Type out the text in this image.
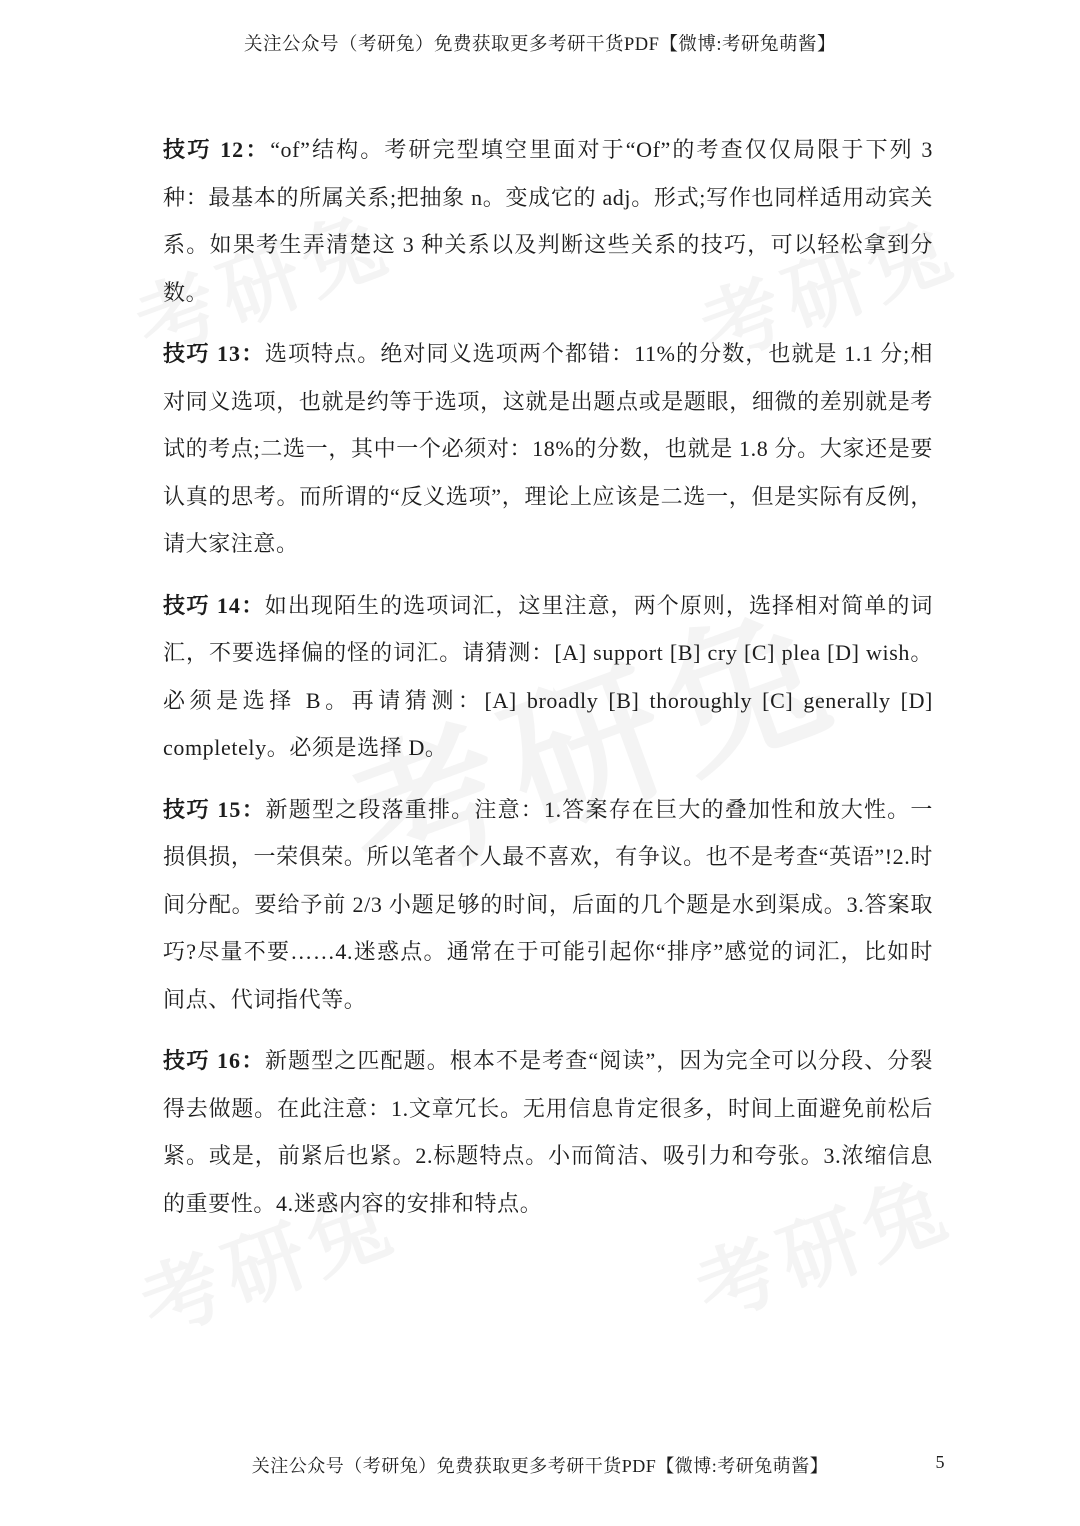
关注公众号（考研兔）免费获取更多考研干货PDF【微博:考研兔萌酱】

技巧 12：“of”结构。考研完型填空里面对于“Of”的考查仅仅局限于下列 3 种：最基本的所属关系;把抽象 n。变成它的 adj。形式;写作也同样适用动宾关系。如果考生弄清楚这 3 种关系以及判断这些关系的技巧，可以轻松拿到分数。

技巧 13：选项特点。绝对同义选项两个都错：11%的分数，也就是 1.1 分;相对同义选项，也就是约等于选项，这就是出题点或是题眼，细微的差别就是考试的考点;二选一，其中一个必须对：18%的分数，也就是 1.8 分。大家还是要认真的思考。而所谓的“反义选项”，理论上应该是二选一，但是实际有反例，请大家注意。

技巧 14：如出现陌生的选项词汇，这里注意，两个原则，选择相对简单的词汇，不要选择偏的怪的词汇。请猜测：[A] support [B] cry [C] plea [D] wish。必须是选择 B。再请猜测：[A] broadly [B] thoroughly [C] generally [D] completely。必须是选择 D。

技巧 15：新题型之段落重排。注意：1.答案存在巨大的叠加性和放大性。一损俱损，一荣俱荣。所以笔者个人最不喜欢，有争议。也不是考查“英语”!2.时间分配。要给予前 2/3 小题足够的时间，后面的几个题是水到渠成。3.答案取巧?尽量不要……4.迷惑点。通常在于可能引起你“排序”感觉的词汇，比如时间点、代词指代等。

技巧 16：新题型之匹配题。根本不是考查“阅读”，因为完全可以分段、分裂得去做题。在此注意：1.文章冗长。无用信息肯定很多，时间上面避免前松后紧。或是，前紧后也紧。2.标题特点。小而简洁、吸引力和夸张。3.浓缩信息的重要性。4.迷惑内容的安排和特点。

关注公众号（考研兔）免费获取更多考研干货PDF【微博:考研兔萌酱】	5
